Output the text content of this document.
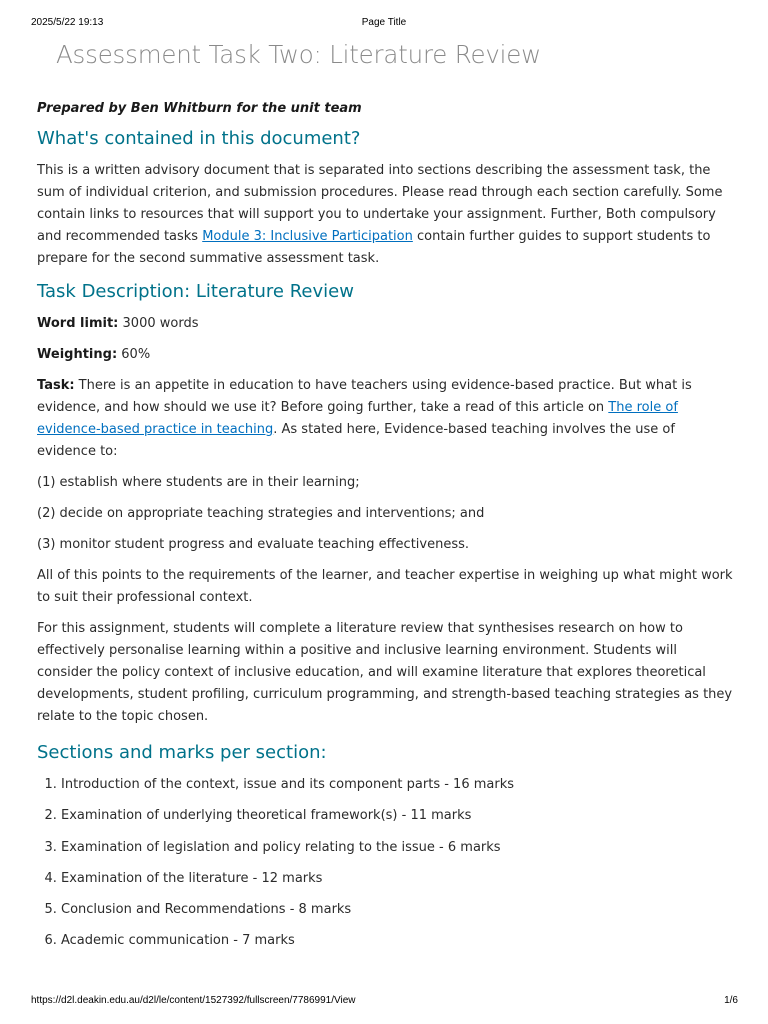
2025/5/22 19:13	Page Title
Assessment Task Two: Literature Review

Prepared by Ben Whitburn for the unit team

What's contained in this document?

This is a written advisory document that is separated into sections describing the assessment task, the sum of individual criterion, and submission procedures. Please read through each section carefully. Some contain links to resources that will support you to undertake your assignment. Further, Both compulsory and recommended tasks Module 3: Inclusive Participation contain further guides to support students to prepare for the second summative assessment task.

Task Description: Literature Review

Word limit: 3000 words

Weighting: 60%

Task: There is an appetite in education to have teachers using evidence-based practice. But what is evidence, and how should we use it? Before going further, take a read of this article on The role of evidence-based practice in teaching. As stated here, Evidence-based teaching involves the use of evidence to:

(1) establish where students are in their learning;

(2) decide on appropriate teaching strategies and interventions; and

(3) monitor student progress and evaluate teaching effectiveness.

All of this points to the requirements of the learner, and teacher expertise in weighing up what might work to suit their professional context.

For this assignment, students will complete a literature review that synthesises research on how to effectively personalise learning within a positive and inclusive learning environment. Students will consider the policy context of inclusive education, and will examine literature that explores theoretical developments, student profiling, curriculum programming, and strength-based teaching strategies as they relate to the topic chosen.

Sections and marks per section:
1. Introduction of the context, issue and its component parts - 16 marks
2. Examination of underlying theoretical framework(s) - 11 marks
3. Examination of legislation and policy relating to the issue - 6 marks
4. Examination of the literature - 12 marks
5. Conclusion and Recommendations - 8 marks
6. Academic communication - 7 marks
https://d2l.deakin.edu.au/d2l/le/content/1527392/fullscreen/7786991/View	1/6
